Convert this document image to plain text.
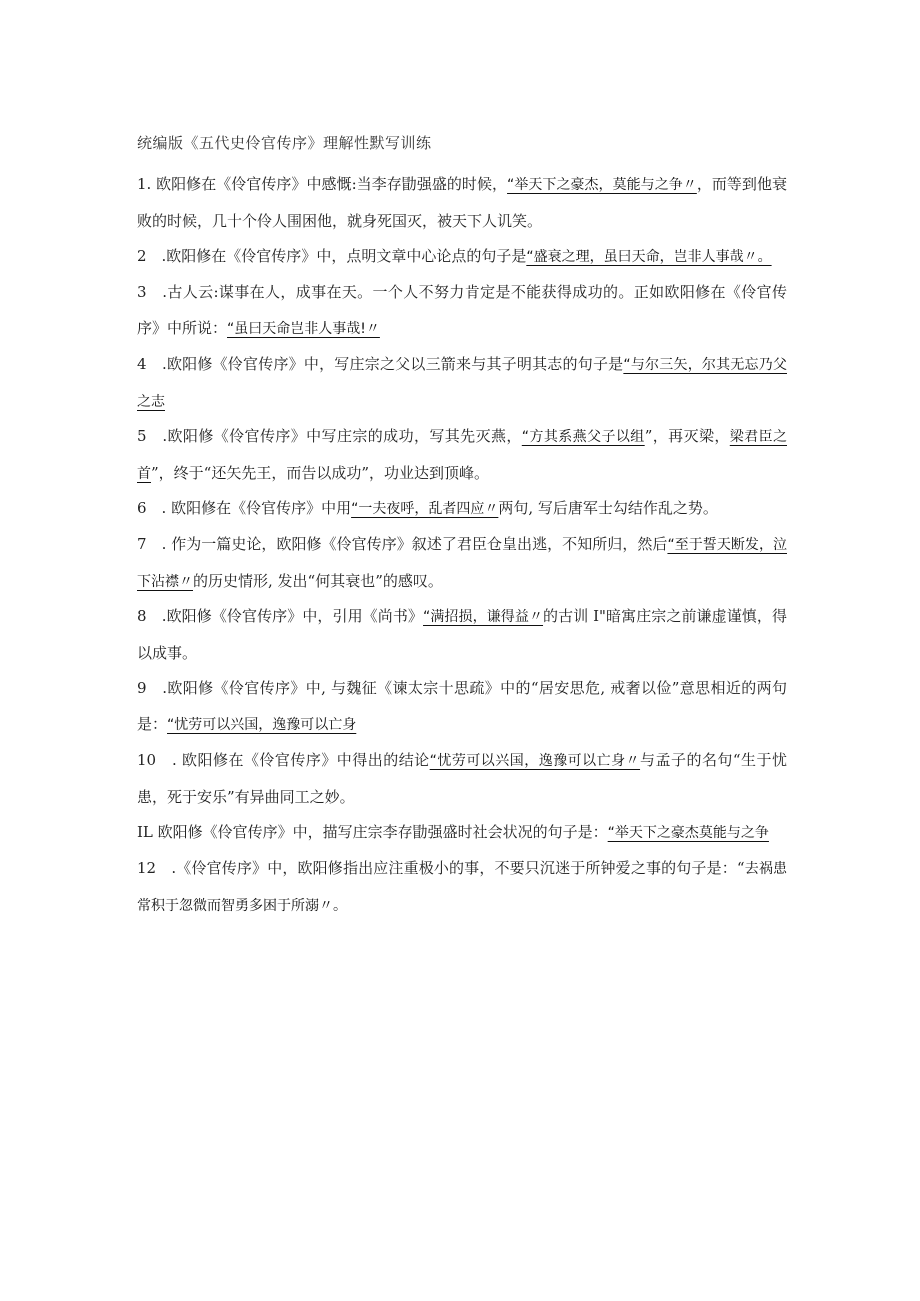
统编版《五代史伶官传序》理解性默写训练
1. 欧阳修在《伶官传序》中感慨:当李存勖强盛的时候，“举天下之豪杰，莫能与之争〃，而等到他衰败的时候，几十个伶人围困他，就身死国灭，被天下人讥笑。
2　.欧阳修在《伶官传序》中，点明文章中心论点的句子是“盛衰之理，虽曰天命，岂非人事哉〃。
3　.古人云:谋事在人，成事在天。一个人不努力肯定是不能获得成功的。正如欧阳修在《伶官传序》中所说：“虽曰天命岂非人事哉!〃
4　.欧阳修《伶官传序》中，写庄宗之父以三箭来与其子明其志的句子是“与尔三矢，尔其无忘乃父之志
5　.欧阳修《伶官传序》中写庄宗的成功，写其先灭燕，“方其系燕父子以组”，再灭梁，梁君臣之首”，终于“还矢先王，而告以成功”，功业达到顶峰。
6　. 欧阳修在《伶官传序》中用“一夫夜呼，乱者四应〃两句, 写后唐军士勾结作乱之势。
7　. 作为一篇史论，欧阳修《伶官传序》叙述了君臣仓皇出逃，不知所归，然后“至于誓天断发，泣下沾襟〃的历史情形, 发出“何其衰也”的感叹。
8　.欧阳修《伶官传序》中，引用《尚书》“满招损，谦得益〃的古训 I"暗寓庄宗之前谦虚谨慎，得以成事。
9　.欧阳修《伶官传序》中, 与魏征《谏太宗十思疏》中的“居安思危, 戒奢以俭”意思相近的两句是：“忧劳可以兴国，逸豫可以亡身
10　. 欧阳修在《伶官传序》中得出的结论“忧劳可以兴国，逸豫可以亡身〃与孟子的名句“生于忧患，死于安乐”有异曲同工之妙。
IL 欧阳修《伶官传序》中，描写庄宗李存勖强盛时社会状况的句子是：“举天下之豪杰莫能与之争
12　.《伶官传序》中，欧阳修指出应注重极小的事，不要只沉迷于所钟爱之事的句子是：“去祸患常积于忽微而智勇多困于所溺〃。
